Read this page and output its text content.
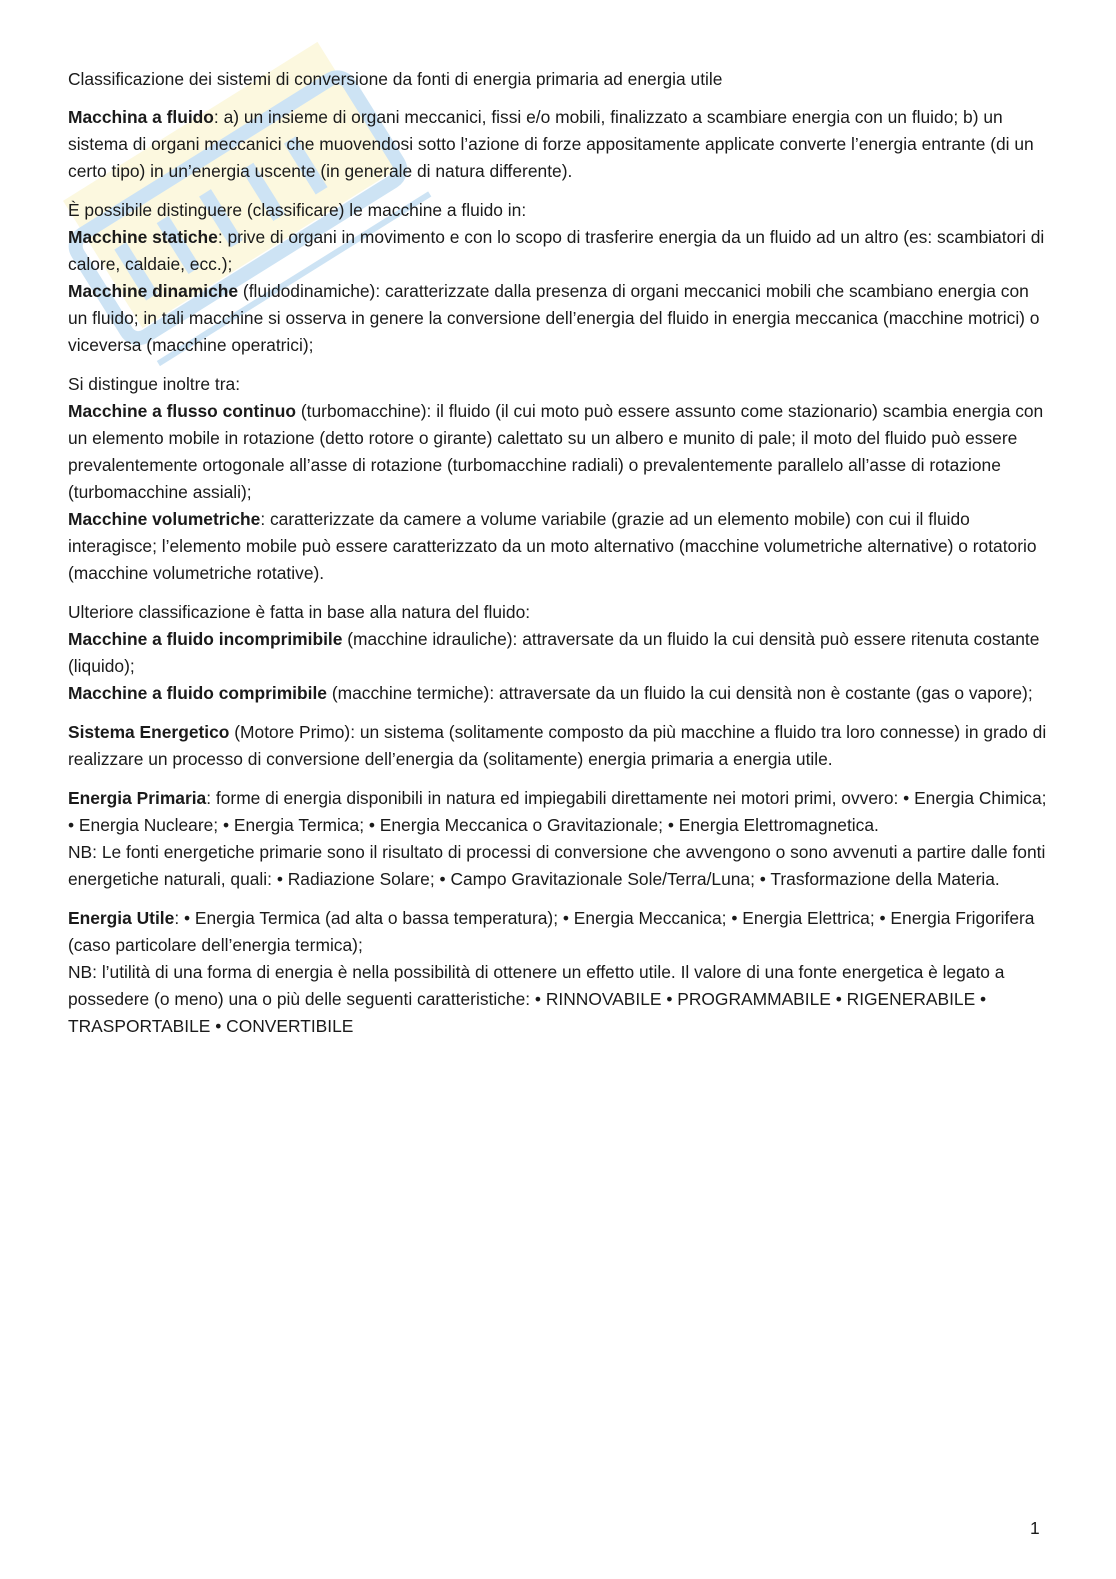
Classificazione dei sistemi di conversione da fonti di energia primaria ad energia utile

Macchina a fluido: a) un insieme di organi meccanici, fissi e/o mobili, finalizzato a scambiare energia con un fluido; b) un sistema di organi meccanici che muovendosi sotto l’azione di forze appositamente applicate converte l’energia entrante (di un certo tipo) in un’energia uscente (in generale di natura differente).

È possibile distinguere (classificare) le macchine a fluido in:
Macchine statiche: prive di organi in movimento e con lo scopo di trasferire energia da un fluido ad un altro (es: scambiatori di calore, caldaie, ecc.);
Macchine dinamiche (fluidodinamiche): caratterizzate dalla presenza di organi meccanici mobili che scambiano energia con un fluido; in tali macchine si osserva in genere la conversione dell’energia del fluido in energia meccanica (macchine motrici) o viceversa (macchine operatrici);

Si distingue inoltre tra:
Macchine a flusso continuo (turbomacchine): il fluido (il cui moto può essere assunto come stazionario) scambia energia con un elemento mobile in rotazione (detto rotore o girante) calettato su un albero e munito di pale; il moto del fluido può essere prevalentemente ortogonale all’asse di rotazione (turbomacchine radiali) o prevalentemente parallelo all’asse di rotazione (turbomacchine assiali);
Macchine volumetriche: caratterizzate da camere a volume variabile (grazie ad un elemento mobile) con cui il fluido interagisce; l’elemento mobile può essere caratterizzato da un moto alternativo (macchine volumetriche alternative) o rotatorio (macchine volumetriche rotative).

Ulteriore classificazione è fatta in base alla natura del fluido:
Macchine a fluido incomprimibile (macchine idrauliche): attraversate da un fluido la cui densità può essere ritenuta costante (liquido);
Macchine a fluido comprimibile (macchine termiche): attraversate da un fluido la cui densità non è costante (gas o vapore);

Sistema Energetico (Motore Primo): un sistema (solitamente composto da più macchine a fluido tra loro connesse) in grado di realizzare un processo di conversione dell’energia da (solitamente) energia primaria a energia utile.

Energia Primaria: forme di energia disponibili in natura ed impiegabili direttamente nei motori primi, ovvero: • Energia Chimica; • Energia Nucleare; • Energia Termica; • Energia Meccanica o Gravitazionale; • Energia Elettromagnetica.
NB: Le fonti energetiche primarie sono il risultato di processi di conversione che avvengono o sono avvenuti a partire dalle fonti energetiche naturali, quali: • Radiazione Solare; • Campo Gravitazionale Sole/Terra/Luna; • Trasformazione della Materia.

Energia Utile: • Energia Termica (ad alta o bassa temperatura); • Energia Meccanica; • Energia Elettrica; • Energia Frigorifera (caso particolare dell’energia termica);
NB: l’utilità di una forma di energia è nella possibilità di ottenere un effetto utile. Il valore di una fonte energetica è legato a possedere (o meno) una o più delle seguenti caratteristiche: • RINNOVABILE • PROGRAMMABILE • RIGENERABILE • TRASPORTABILE • CONVERTIBILE

1
